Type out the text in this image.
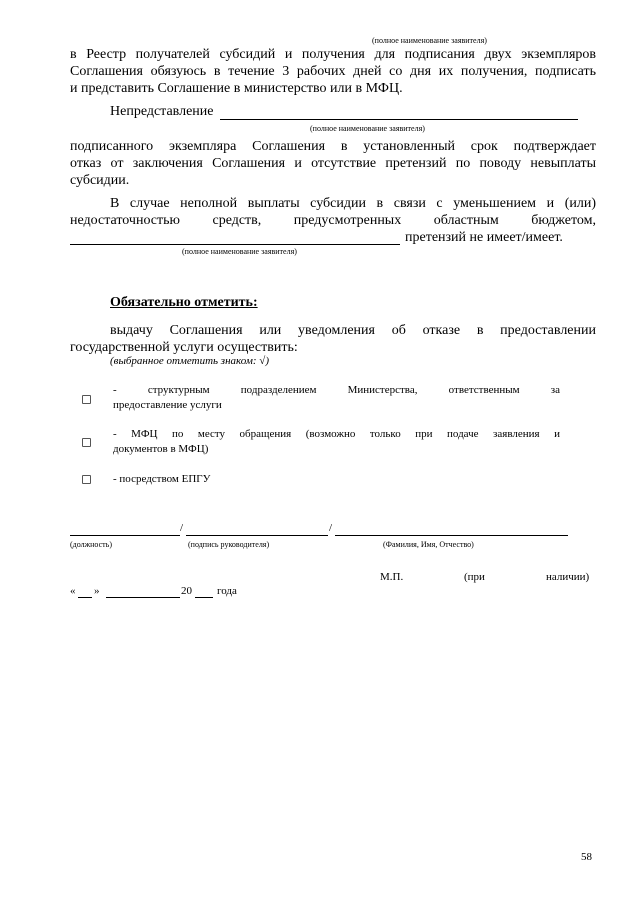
(полное наименование заявителя)
в Реестр получателей субсидий и получения для подписания двух экземпляров
Соглашения обязуюсь в течение 3 рабочих дней со дня их получения, подписать
и представить Соглашение в министерство или в МФЦ.
Непредставление
(полное наименование заявителя)
подписанного экземпляра Соглашения в установленный срок подтверждает
отказ от заключения Соглашения и отсутствие претензий по поводу невыплаты
субсидии.
В случае неполной выплаты субсидии в связи с уменьшением и (или)
недостаточностью средств, предусмотренных областным бюджетом,
претензий не имеет/имеет.
(полное наименование заявителя)
Обязательно отметить:
выдачу Соглашения или уведомления об отказе в предоставлении
государственной услуги осуществить:
(выбранное отметить знаком: √)
- структурным подразделением Министерства, ответственным за
предоставление услуги
- МФЦ по месту обращения (возможно только при подаче заявления и
документов в МФЦ)
- посредством ЕПГУ
/	/
(должность)	(подпись руководителя)	(Фамилия, Имя, Отчество)
М.П.	(при	наличии)
« »	20 года
58
